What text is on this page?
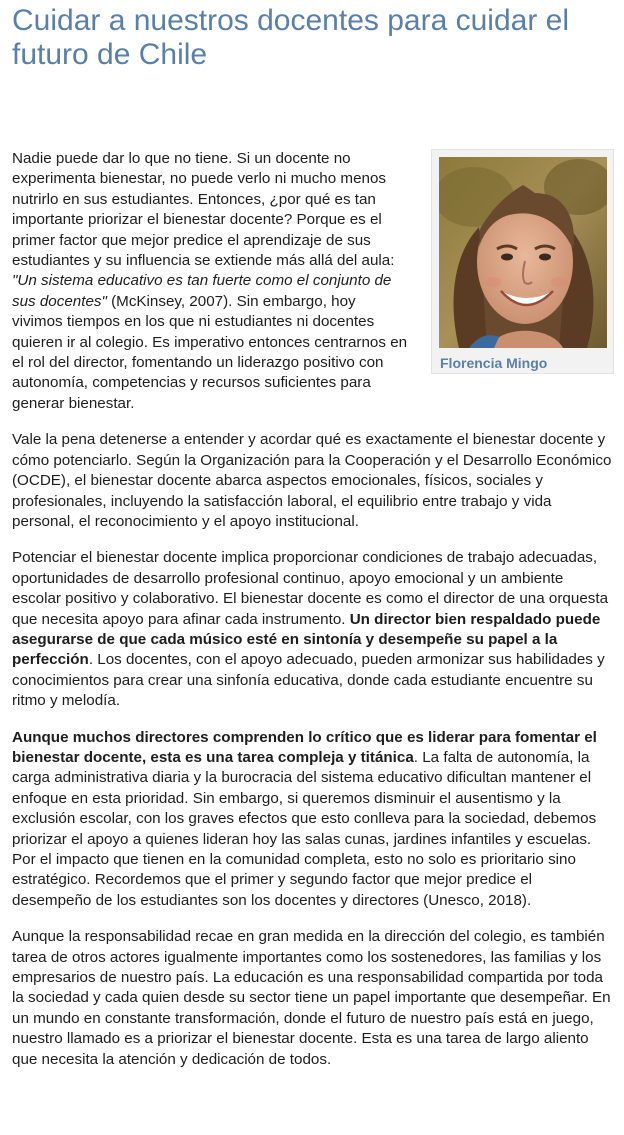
Cuidar a nuestros docentes para cuidar el futuro de Chile

Nadie puede dar lo que no tiene. Si un docente no experimenta bienestar, no puede verlo ni mucho menos nutrirlo en sus estudiantes. Entonces, ¿por qué es tan importante priorizar el bienestar docente? Porque es el primer factor que mejor predice el aprendizaje de sus estudiantes y su influencia se extiende más allá del aula: "Un sistema educativo es tan fuerte como el conjunto de sus docentes" (McKinsey, 2007). Sin embargo, hoy vivimos tiempos en los que ni estudiantes ni docentes quieren ir al colegio. Es imperativo entonces centrarnos en el rol del director, fomentando un liderazgo positivo con autonomía, competencias y recursos suficientes para generar bienestar.

Vale la pena detenerse a entender y acordar qué es exactamente el bienestar docente y cómo potenciarlo. Según la Organización para la Cooperación y el Desarrollo Económico (OCDE), el bienestar docente abarca aspectos emocionales, físicos, sociales y profesionales, incluyendo la satisfacción laboral, el equilibrio entre trabajo y vida personal, el reconocimiento y el apoyo institucional.

Potenciar el bienestar docente implica proporcionar condiciones de trabajo adecuadas, oportunidades de desarrollo profesional continuo, apoyo emocional y un ambiente escolar positivo y colaborativo. El bienestar docente es como el director de una orquesta que necesita apoyo para afinar cada instrumento. Un director bien respaldado puede asegurarse de que cada músico esté en sintonía y desempeñe su papel a la perfección. Los docentes, con el apoyo adecuado, pueden armonizar sus habilidades y conocimientos para crear una sinfonía educativa, donde cada estudiante encuentre su ritmo y melodía.

Aunque muchos directores comprenden lo crítico que es liderar para fomentar el bienestar docente, esta es una tarea compleja y titánica. La falta de autonomía, la carga administrativa diaria y la burocracia del sistema educativo dificultan mantener el enfoque en esta prioridad. Sin embargo, si queremos disminuir el ausentismo y la exclusión escolar, con los graves efectos que esto conlleva para la sociedad, debemos priorizar el apoyo a quienes lideran hoy las salas cunas, jardines infantiles y escuelas. Por el impacto que tienen en la comunidad completa, esto no solo es prioritario sino estratégico. Recordemos que el primer y segundo factor que mejor predice el desempeño de los estudiantes son los docentes y directores (Unesco, 2018).

Aunque la responsabilidad recae en gran medida en la dirección del colegio, es también tarea de otros actores igualmente importantes como los sostenedores, las familias y los empresarios de nuestro país. La educación es una responsabilidad compartida por toda la sociedad y cada quien desde su sector tiene un papel importante que desempeñar. En un mundo en constante transformación, donde el futuro de nuestro país está en juego, nuestro llamado es a priorizar el bienestar docente. Esta es una tarea de largo aliento que necesita la atención y dedicación de todos.

Florencia Mingo
